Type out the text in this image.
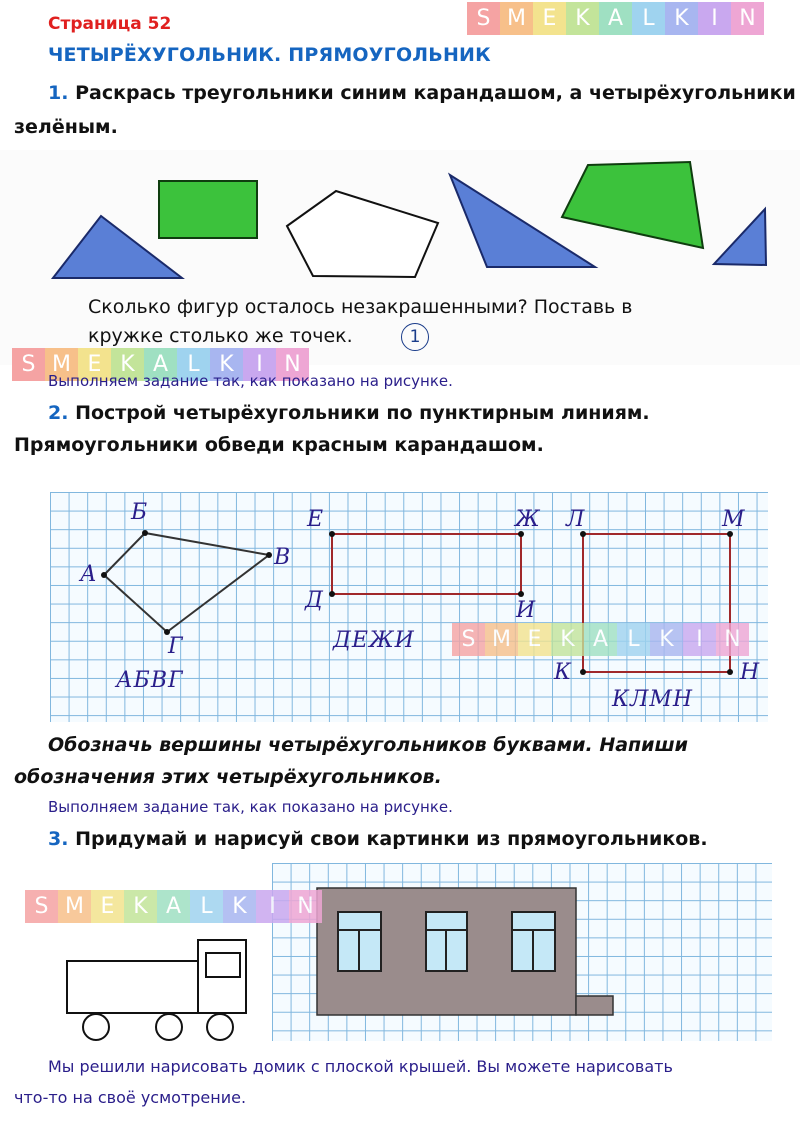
Страница 52	S M E K A L K	I N
ЧЕТЫРЁХУГОЛЬНИК. ПРЯМОУГОЛЬНИК
1. Раскрась треугольники синим карандашом, а четырёхугольники
зелёным.
Сколько фигур осталось незакрашенными? Поставь в
кружке столько же точек.	1
S M E K A L K	I N
Выполняем задание так, как показано на рисунке.
2. Построй четырёхугольники по пунктирным линиям.
Прямоугольники обведи красным карандашом.
Б
А
В
Г
АБВГ
Е	Ж
Д	И
ДЕЖИ
Л	М
К	Н
КЛМН
S M E K A L K	I N
Обозначь вершины четырёхугольников буквами. Напиши
обозначения этих четырёхугольников.
Выполняем задание так, как показано на рисунке.
3. Придумай и нарисуй свои картинки из прямоугольников.
S M E K A L K	I N
Мы решили нарисовать домик с плоской крышей. Вы можете нарисовать
что-то на своё усмотрение.
